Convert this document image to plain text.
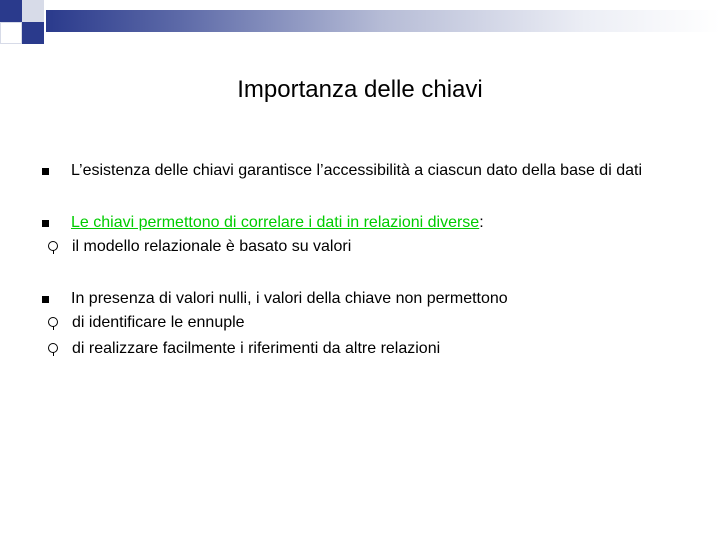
Importanza delle chiavi
L’esistenza delle chiavi garantisce l’accessibilità a ciascun dato della base di dati
Le chiavi permettono di correlare i dati in relazioni diverse:
il modello relazionale è basato su valori
In presenza di valori nulli, i valori della chiave non permettono
di identificare le ennuple
di realizzare facilmente i riferimenti da altre relazioni
